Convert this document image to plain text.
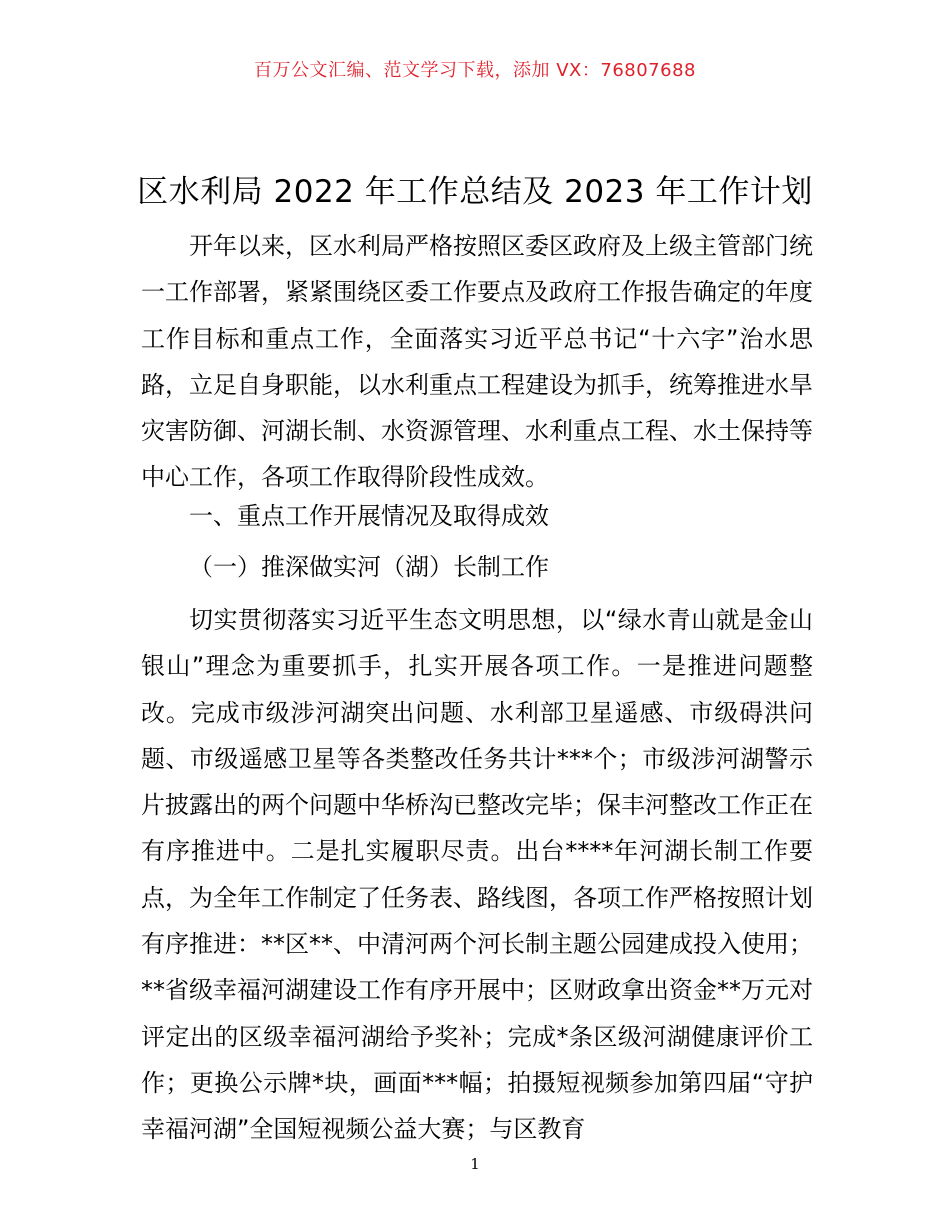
百万公文汇编、范文学习下载，添加 VX：76807688
区水利局 2022 年工作总结及 2023 年工作计划

开年以来，区水利局严格按照区委区政府及上级主管部门统一工作部署，紧紧围绕区委工作要点及政府工作报告确定的年度工作目标和重点工作，全面落实习近平总书记“十六字”治水思路，立足自身职能，以水利重点工程建设为抓手，统筹推进水旱灾害防御、河湖长制、水资源管理、水利重点工程、水土保持等中心工作，各项工作取得阶段性成效。

一、重点工作开展情况及取得成效

（一）推深做实河（湖）长制工作

切实贯彻落实习近平生态文明思想，以“绿水青山就是金山银山”理念为重要抓手，扎实开展各项工作。一是推进问题整改。完成市级涉河湖突出问题、水利部卫星遥感、市级碍洪问题、市级遥感卫星等各类整改任务共计***个；市级涉河湖警示片披露出的两个问题中华桥沟已整改完毕；保丰河整改工作正在有序推进中。二是扎实履职尽责。出台****年河湖长制工作要点，为全年工作制定了任务表、路线图，各项工作严格按照计划有序推进：**区**、中清河两个河长制主题公园建成投入使用；**省级幸福河湖建设工作有序开展中；区财政拿出资金**万元对评定出的区级幸福河湖给予奖补；完成*条区级河湖健康评价工作；更换公示牌*块，画面***幅；拍摄短视频参加第四届“守护幸福河湖”全国短视频公益大赛；与区教育

1
